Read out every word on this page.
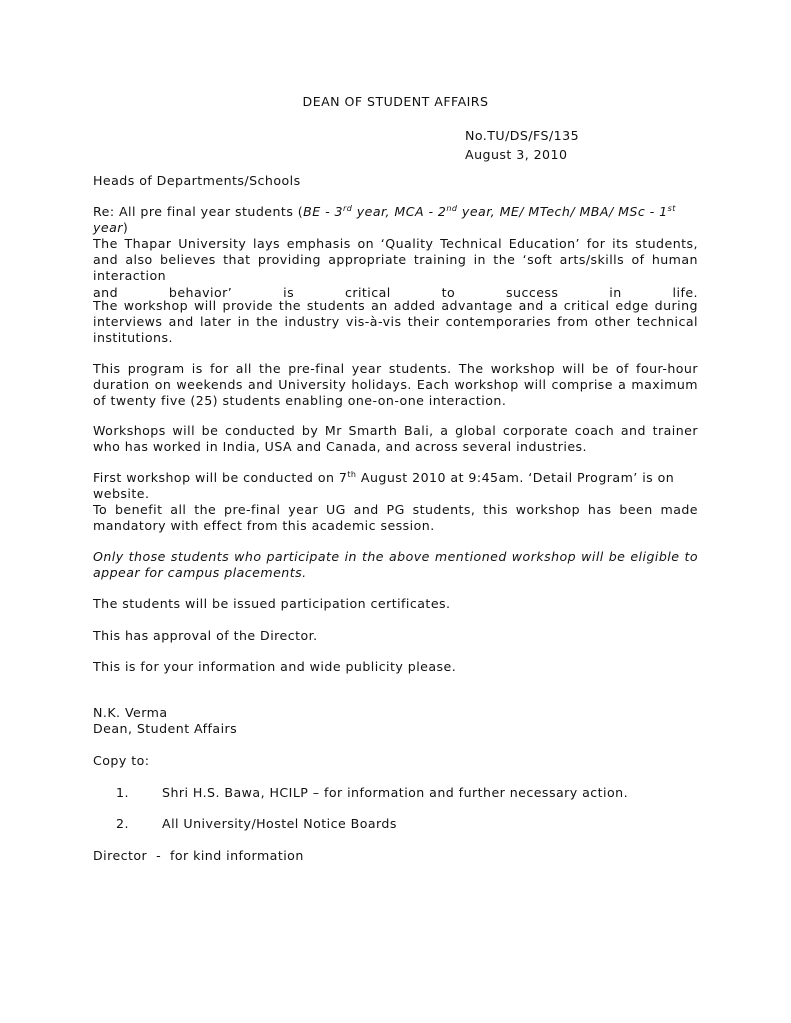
DEAN OF STUDENT AFFAIRS
No.TU/DS/FS/135
August 3, 2010

Heads of Departments/Schools

Re: All pre final year students (BE - 3rd year, MCA - 2nd year, ME/ MTech/ MBA/ MSc - 1st year)

The Thapar University lays emphasis on ‘Quality Technical Education’ for its students, and also believes that providing appropriate training in the ‘soft arts/skills of human interaction
and behavior’ is critical to success in life.

The workshop will provide the students an added advantage and a critical edge during interviews and later in the industry vis-à-vis their contemporaries from other technical institutions.

This program is for all the pre-final year students. The workshop will be of four-hour duration on weekends and University holidays. Each workshop will comprise a maximum of twenty five (25) students enabling one-on-one interaction.

Workshops will be conducted by Mr Smarth Bali, a global corporate coach and trainer who has worked in India, USA and Canada, and across several industries.

First workshop will be conducted on 7th August 2010 at 9:45am. ‘Detail Program’ is on website.

To benefit all the pre-final year UG and PG students, this workshop has been made mandatory with effect from this academic session.

Only those students who participate in the above mentioned workshop will be eligible to appear for campus placements.

The students will be issued participation certificates.

This has approval of the Director.

This is for your information and wide publicity please.

N.K. Verma
Dean, Student Affairs

Copy to:

1.	Shri H.S. Bawa, HCILP – for information and further necessary action.
2.	All University/Hostel Notice Boards

Director  -  for kind information
